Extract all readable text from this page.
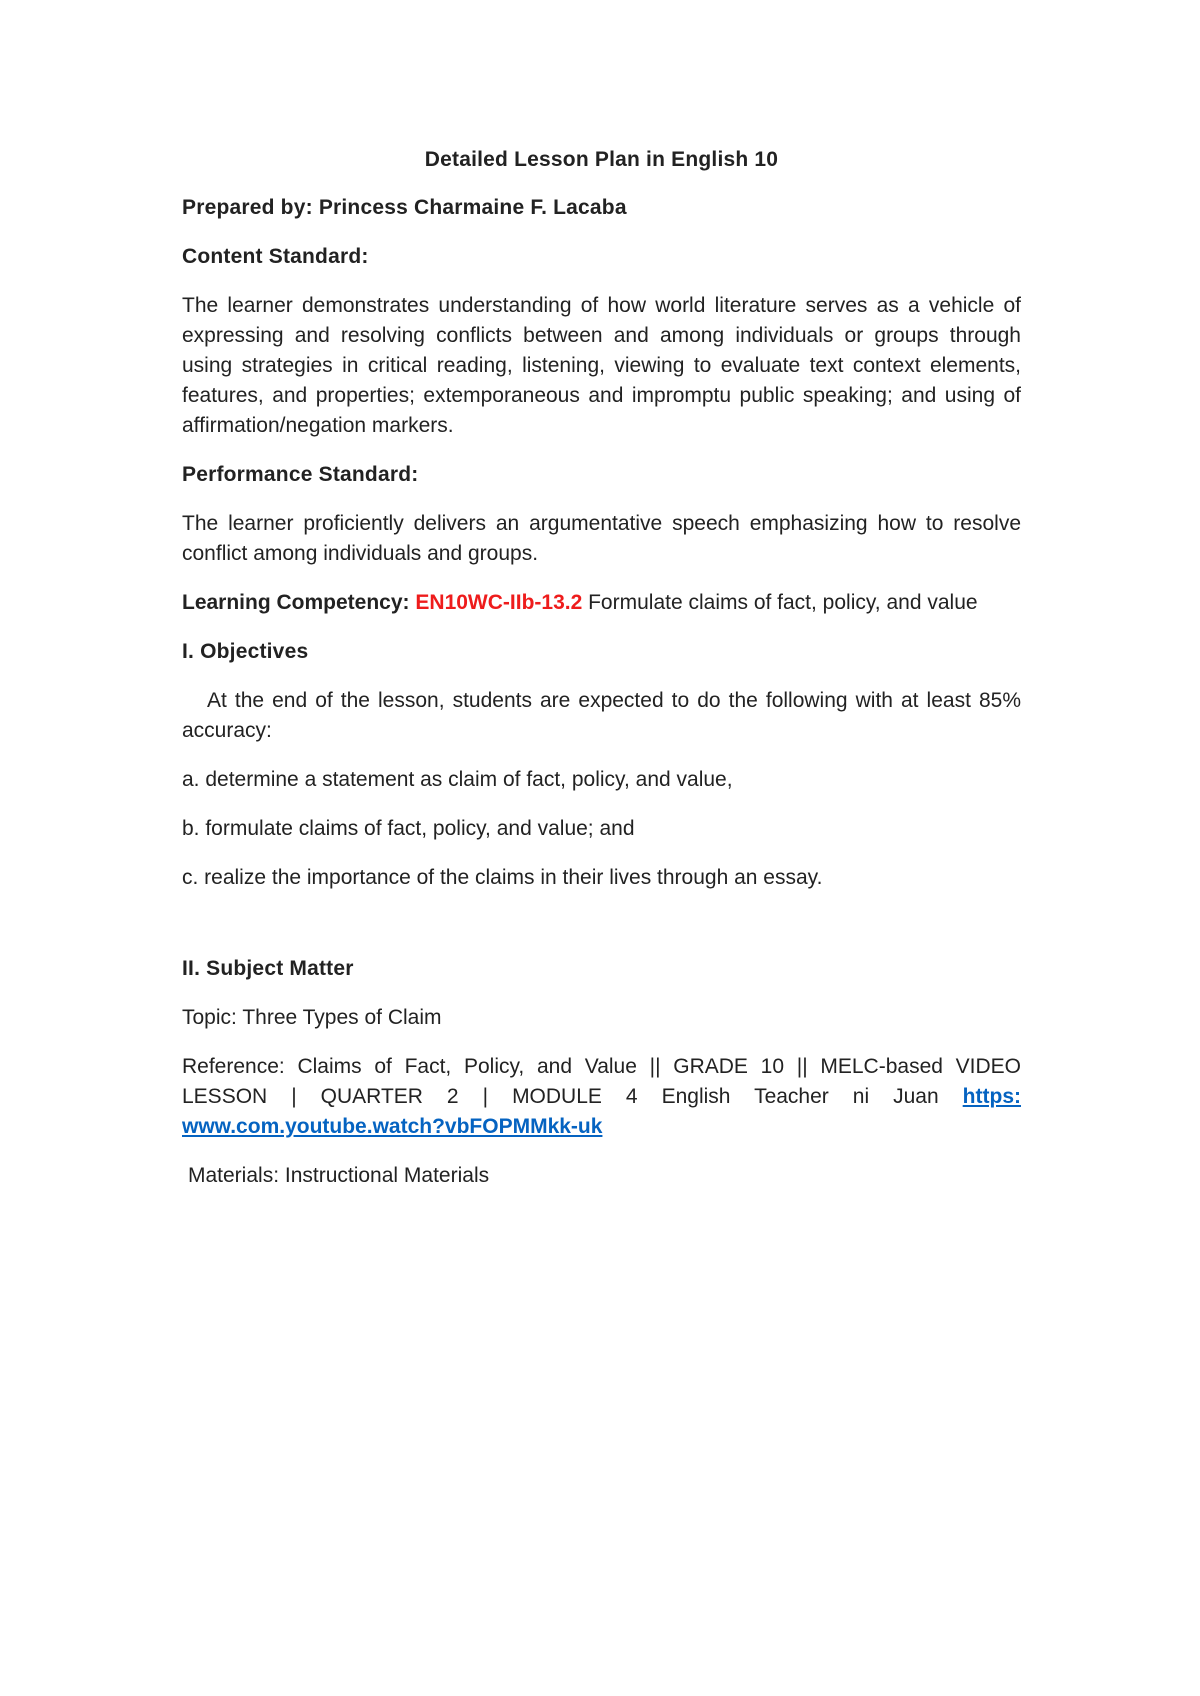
Detailed Lesson Plan in English 10

Prepared by: Princess Charmaine F. Lacaba

Content Standard:

The learner demonstrates understanding of how world literature serves as a vehicle of expressing and resolving conflicts between and among individuals or groups through using strategies in critical reading, listening, viewing to evaluate text context elements, features, and properties; extemporaneous and impromptu public speaking; and using of affirmation/negation markers.

Performance Standard:

The learner proficiently delivers an argumentative speech emphasizing how to resolve conflict among individuals and groups.

Learning Competency: EN10WC-IIb-13.2 Formulate claims of fact, policy, and value

I. Objectives

At the end of the lesson, students are expected to do the following with at least 85% accuracy:

a. determine a statement as claim of fact, policy, and value,

b. formulate claims of fact, policy, and value; and

c. realize the importance of the claims in their lives through an essay.

II. Subject Matter

Topic: Three Types of Claim

Reference: Claims of Fact, Policy, and Value || GRADE 10 || MELC-based VIDEO LESSON | QUARTER 2 | MODULE 4 English Teacher ni Juan https: www.com.youtube.watch?vbFOPMMkk-uk

Materials: Instructional Materials
